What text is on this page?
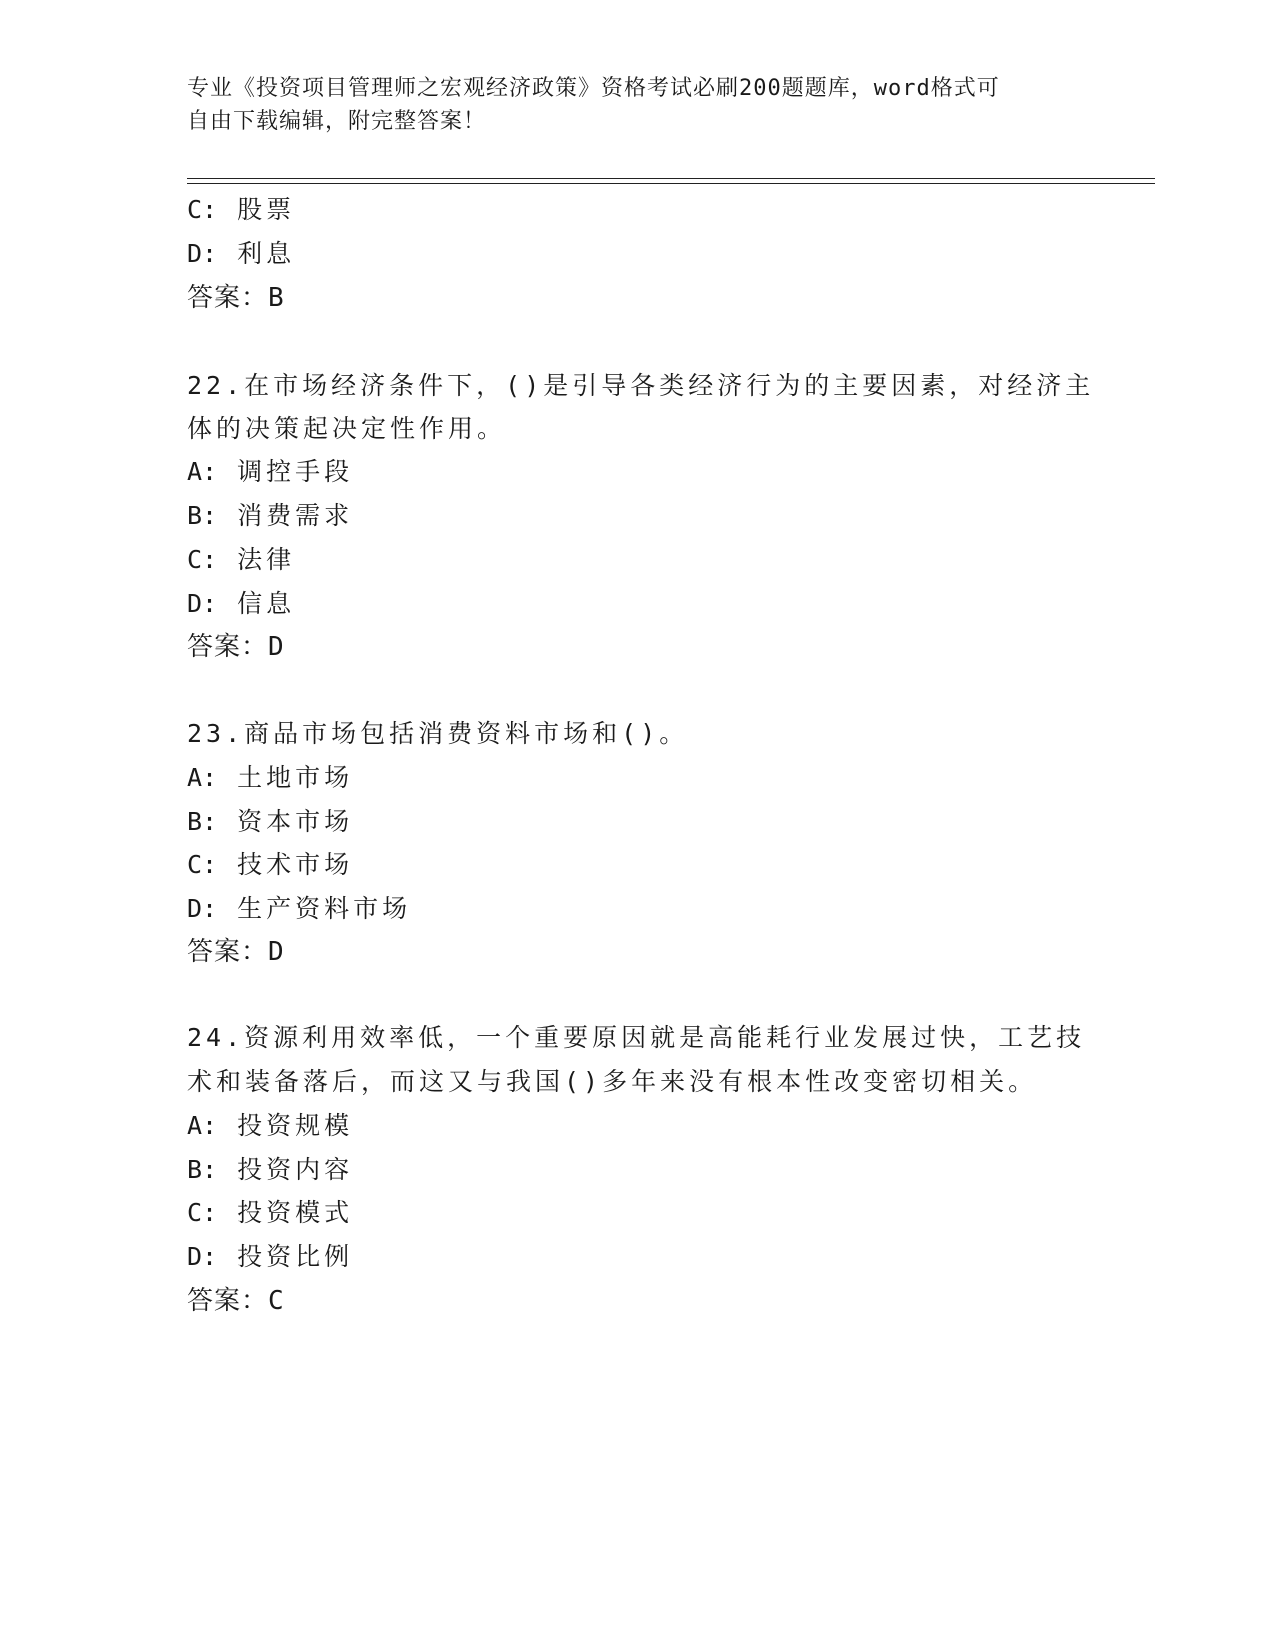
专业《投资项目管理师之宏观经济政策》资格考试必刷200题题库，word格式可
自由下载编辑，附完整答案！
C: 股票
D: 利息
答案：B
22.在市场经济条件下，()是引导各类经济行为的主要因素，对经济主
体的决策起决定性作用。
A: 调控手段
B: 消费需求
C: 法律
D: 信息
答案：D
23.商品市场包括消费资料市场和()。
A: 土地市场
B: 资本市场
C: 技术市场
D: 生产资料市场
答案：D
24.资源利用效率低，一个重要原因就是高能耗行业发展过快，工艺技
术和装备落后，而这又与我国()多年来没有根本性改变密切相关。
A: 投资规模
B: 投资内容
C: 投资模式
D: 投资比例
答案：C
